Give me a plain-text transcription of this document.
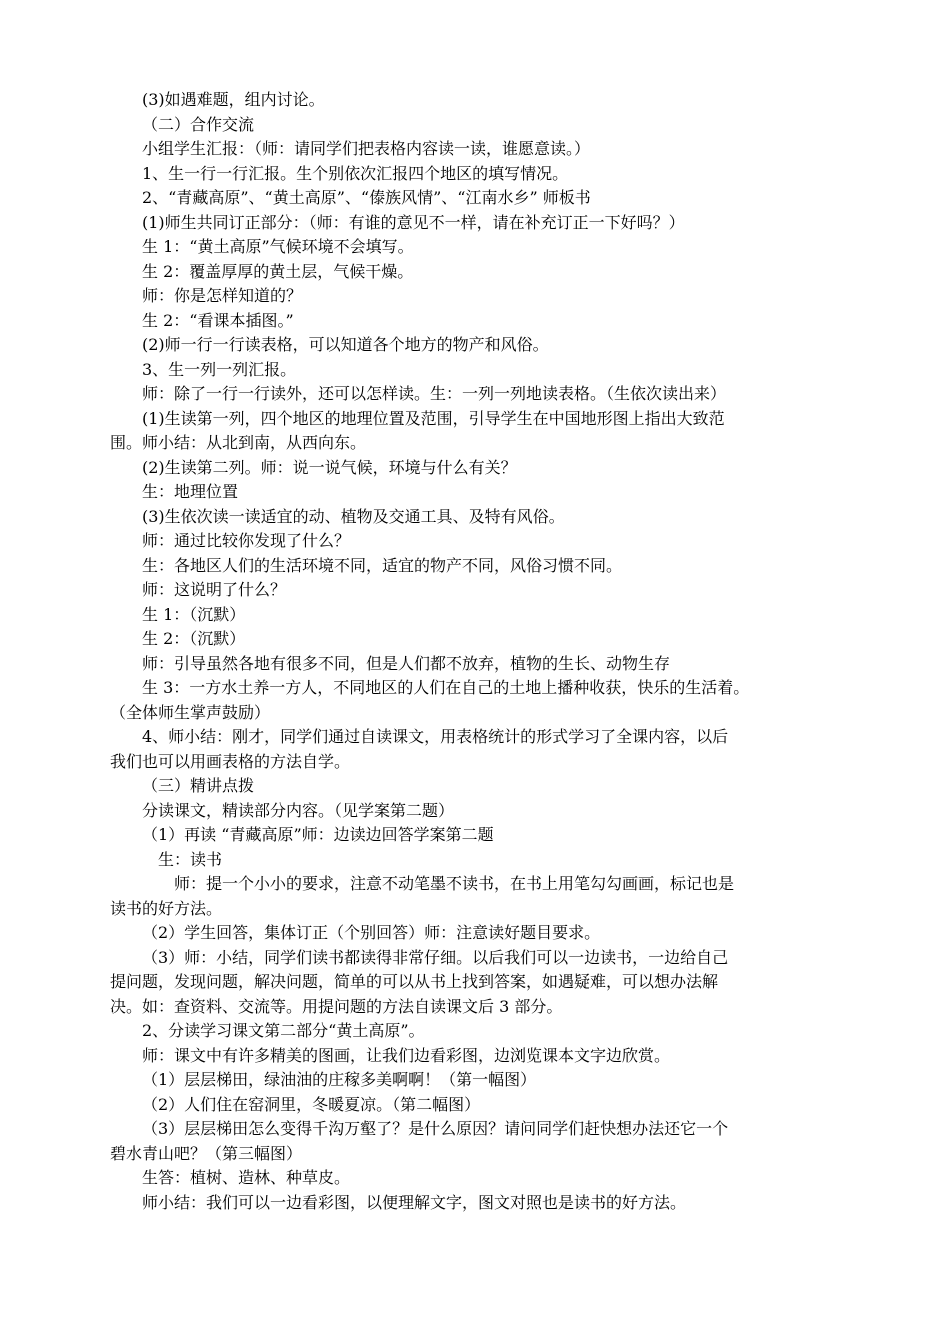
(3)如遇难题，组内讨论。
（二）合作交流
小组学生汇报：（师：请同学们把表格内容读一读，谁愿意读。）
1、生一行一行汇报。生个别依次汇报四个地区的填写情况。
2、“青藏高原”、“黄土高原”、“傣族风情”、“江南水乡” 师板书
(1)师生共同订正部分：（师：有谁的意见不一样，请在补充订正一下好吗？）
生 1：“黄土高原”气候环境不会填写。
生 2：覆盖厚厚的黄土层，气候干燥。
师：你是怎样知道的？
生 2：“看课本插图。”
(2)师一行一行读表格，可以知道各个地方的物产和风俗。
3、生一列一列汇报。
师：除了一行一行读外，还可以怎样读。生：一列一列地读表格。（生依次读出来）
(1)生读第一列，四个地区的地理位置及范围，引导学生在中国地形图上指出大致范
围。师小结：从北到南，从西向东。
(2)生读第二列。师：说一说气候，环境与什么有关？
生：地理位置
(3)生依次读一读适宜的动、植物及交通工具、及特有风俗。
师：通过比较你发现了什么？
生：各地区人们的生活环境不同，适宜的物产不同，风俗习惯不同。
师：这说明了什么？
生 1：（沉默）
生 2：（沉默）
师：引导虽然各地有很多不同，但是人们都不放弃，植物的生长、动物生存
生 3：一方水土养一方人，不同地区的人们在自己的土地上播种收获，快乐的生活着。
（全体师生掌声鼓励）
4、师小结：刚才，同学们通过自读课文，用表格统计的形式学习了全课内容，以后
我们也可以用画表格的方法自学。
（三）精讲点拨
分读课文，精读部分内容。（见学案第二题）
（1）再读 “青藏高原”师：边读边回答学案第二题
生：读书
师：提一个小小的要求，注意不动笔墨不读书，在书上用笔勾勾画画，标记也是
读书的好方法。
（2）学生回答，集体订正（个别回答）师：注意读好题目要求。
（3）师：小结，同学们读书都读得非常仔细。以后我们可以一边读书，一边给自己
提问题，发现问题，解决问题，简单的可以从书上找到答案，如遇疑难，可以想办法解
决。如：查资料、交流等。用提问题的方法自读课文后 3 部分。
2、分读学习课文第二部分“黄土高原”。
师：课文中有许多精美的图画，让我们边看彩图，边浏览课本文字边欣赏。
（1）层层梯田，绿油油的庄稼多美啊啊！（第一幅图）
（2）人们住在窑洞里，冬暖夏凉。（第二幅图）
（3）层层梯田怎么变得千沟万壑了？是什么原因？请问同学们赶快想办法还它一个
碧水青山吧？（第三幅图）
生答：植树、造林、种草皮。
师小结：我们可以一边看彩图，以便理解文字，图文对照也是读书的好方法。
